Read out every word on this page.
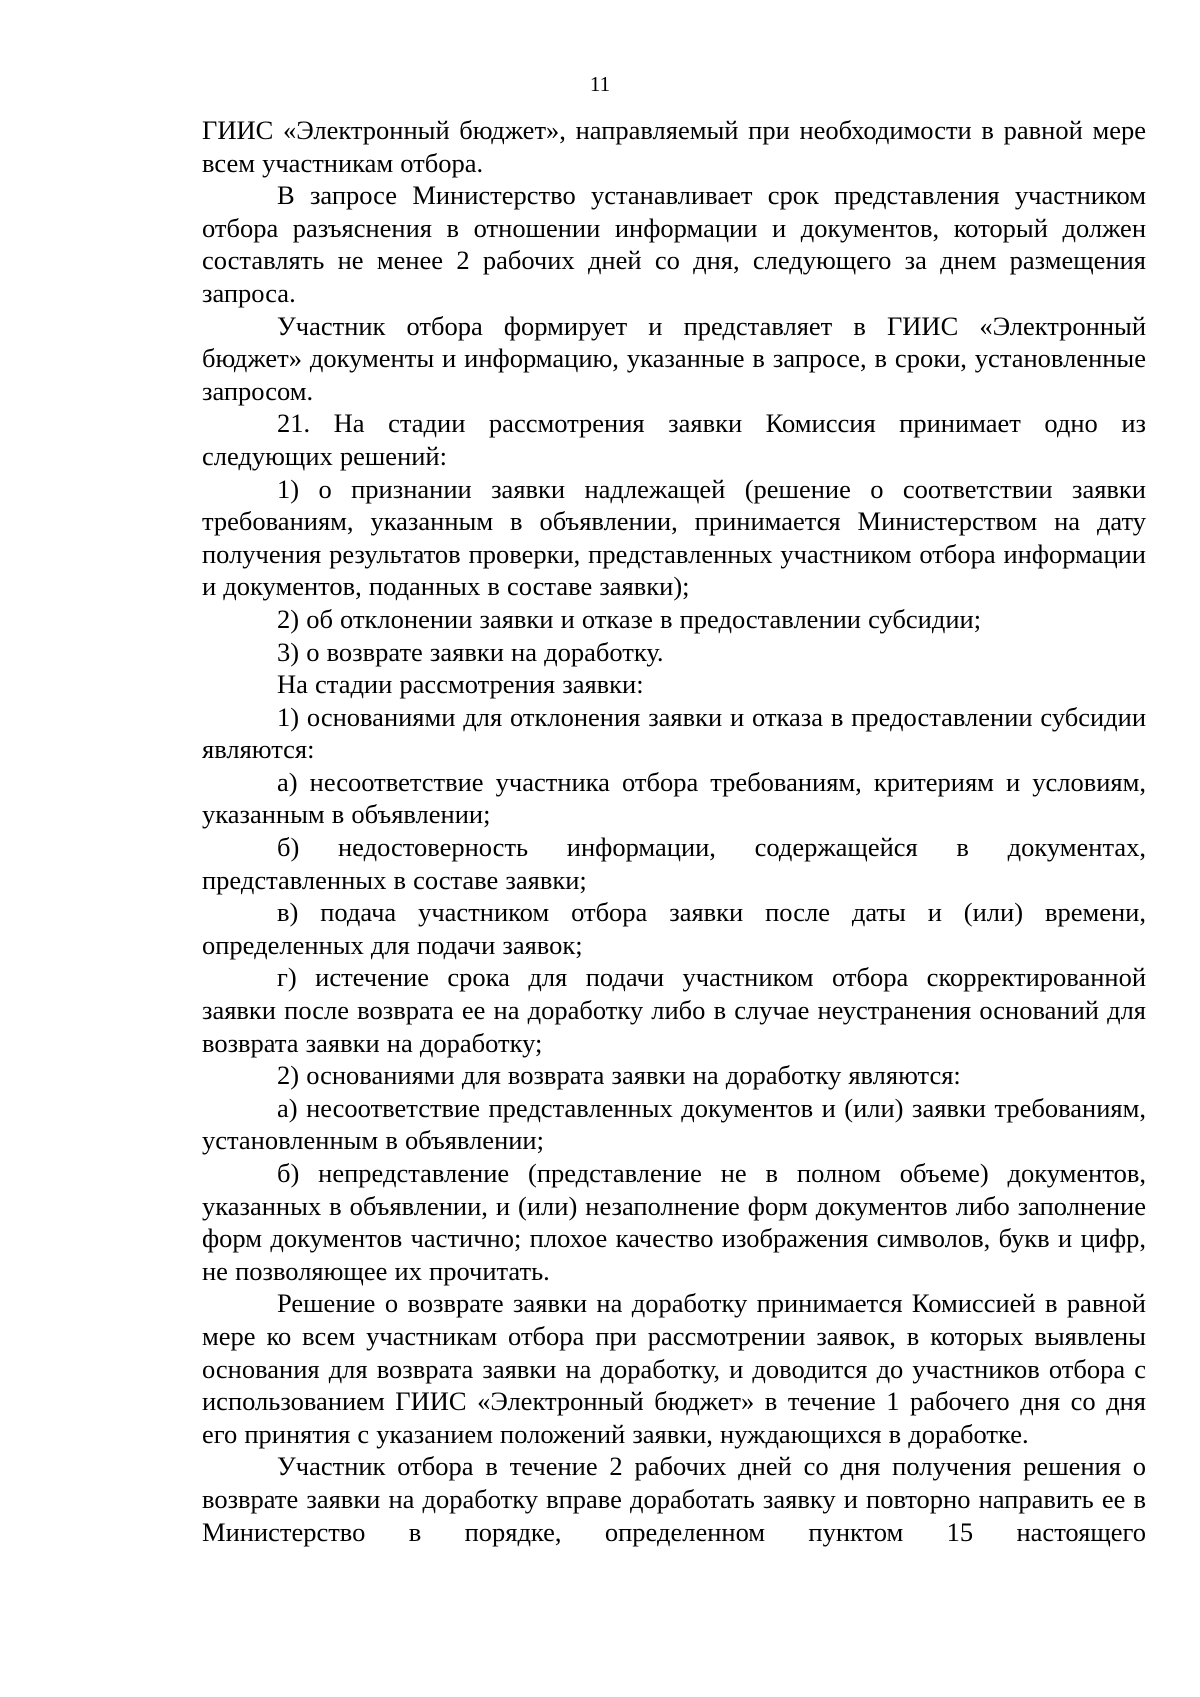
11

ГИИС «Электронный бюджет», направляемый при необходимости в равной мере всем участникам отбора.

В запросе Министерство устанавливает срок представления участником отбора разъяснения в отношении информации и документов, который должен составлять не менее 2 рабочих дней со дня, следующего за днем размещения запроса.

Участник отбора формирует и представляет в ГИИС «Электронный бюджет» документы и информацию, указанные в запросе, в сроки, установленные запросом.

21. На стадии рассмотрения заявки Комиссия принимает одно из следующих решений:

1) о признании заявки надлежащей (решение о соответствии заявки требованиям, указанным в объявлении, принимается Министерством на дату получения результатов проверки, представленных участником отбора информации и документов, поданных в составе заявки);

2) об отклонении заявки и отказе в предоставлении субсидии;

3) о возврате заявки на доработку.

На стадии рассмотрения заявки:

1) основаниями для отклонения заявки и отказа в предоставлении субсидии являются:

а) несоответствие участника отбора требованиям, критериям и условиям, указанным в объявлении;

б) недостоверность информации, содержащейся в документах, представленных в составе заявки;

в) подача участником отбора заявки после даты и (или) времени, определенных для подачи заявок;

г) истечение срока для подачи участником отбора скорректированной заявки после возврата ее на доработку либо в случае неустранения оснований для возврата заявки на доработку;

2) основаниями для возврата заявки на доработку являются:

а) несоответствие представленных документов и (или) заявки требованиям, установленным в объявлении;

б) непредставление (представление не в полном объеме) документов, указанных в объявлении, и (или) незаполнение форм документов либо заполнение форм документов частично; плохое качество изображения символов, букв и цифр, не позволяющее их прочитать.

Решение о возврате заявки на доработку принимается Комиссией в равной мере ко всем участникам отбора при рассмотрении заявок, в которых выявлены основания для возврата заявки на доработку, и доводится до участников отбора с использованием ГИИС «Электронный бюджет» в течение 1 рабочего дня со дня его принятия с указанием положений заявки, нуждающихся в доработке.

Участник отбора в течение 2 рабочих дней со дня получения решения о возврате заявки на доработку вправе доработать заявку и повторно направить ее в Министерство в порядке, определенном пунктом 15 настоящего
